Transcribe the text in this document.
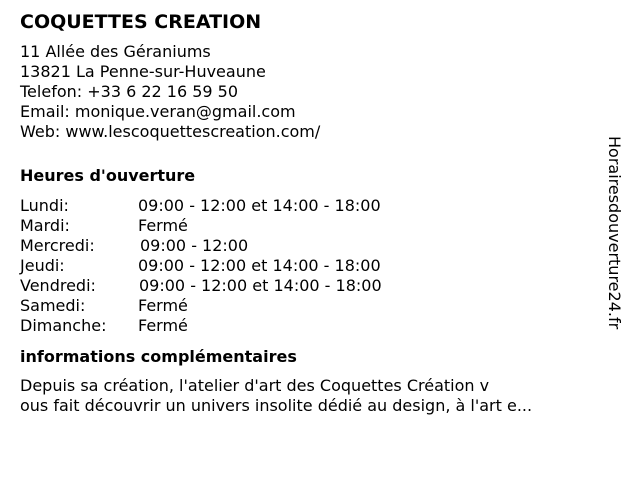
COQUETTES CREATION
11 Allée des Géraniums
13821 La Penne-sur-Huveaune
Telefon: +33 6 22 16 59 50
Email: monique.veran@gmail.com
Web: www.lescoquettescreation.com/
Heures d'ouverture
Lundi:	09:00 - 12:00 et 14:00 - 18:00
Mardi:	Fermé
Mercredi:	09:00 - 12:00
Jeudi:	09:00 - 12:00 et 14:00 - 18:00
Vendredi:	09:00 - 12:00 et 14:00 - 18:00
Samedi:	Fermé
Dimanche:	Fermé
informations complémentaires
Depuis sa création, l'atelier d'art des Coquettes Création v
ous fait découvrir un univers insolite dédié au design, à l'art e...
Horairesdouverture24.fr
